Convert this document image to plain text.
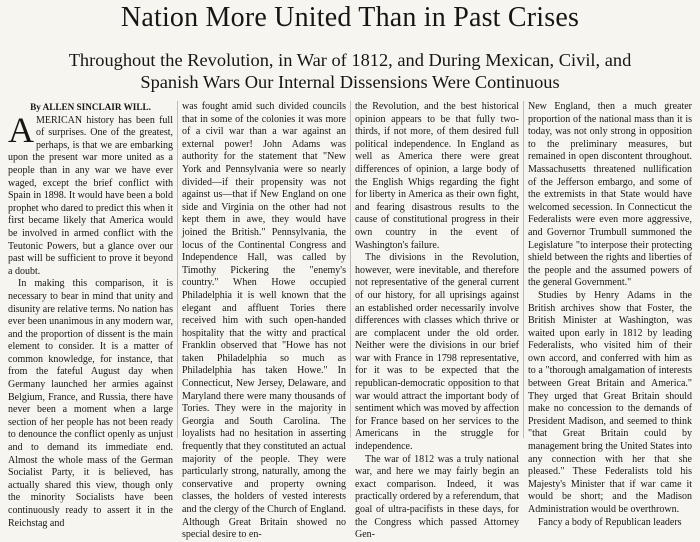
Nation More United Than in Past Crises
Throughout the Revolution, in War of 1812, and During Mexican, Civil, and
Spanish Wars Our Internal Dissensions Were Continuous
By ALLEN SINCLAIR WILL.

AMERICAN history has been full of surprises. One of the greatest, perhaps, is that we are embarking upon the present war more united as a people than in any war we have ever waged, except the brief conflict with Spain in 1898. It would have been a bold prophet who dared to predict this when it first became likely that America would be involved in armed conflict with the Teutonic Powers, but a glance over our past will be sufficient to prove it beyond a doubt.

In making this comparison, it is necessary to bear in mind that unity and disunity are relative terms. No nation has ever been unanimous in any modern war, and the proportion of dissent is the main element to consider. It is a matter of common knowledge, for instance, that from the fateful August day when Germany launched her armies against Belgium, France, and Russia, there have never been a moment when a large section of her people has not been ready to denounce the conflict openly as unjust and to demand its immediate end. Almost the whole mass of the German Socialist Party, it is believed, has actually shared this view, though only the minority Socialists have been continuously ready to assert it in the Reichstag and

was fought amid such divided councils that in some of the colonies it was more of a civil war than a war against an external power! John Adams was authority for the statement that "New York and Pennsylvania were so nearly divided—if their propensity was not against us—that if New England on one side and Virginia on the other had not kept them in awe, they would have joined the British." Pennsylvania, the locus of the Continental Congress and Independence Hall, was called by Timothy Pickering the "enemy's country." When Howe occupied Philadelphia it is well known that the elegant and affluent Tories there received him with such open-handed hospitality that the witty and practical Franklin observed that "Howe has not taken Philadelphia so much as Philadelphia has taken Howe." In Connecticut, New Jersey, Delaware, and Maryland there were many thousands of Tories. They were in the majority in Georgia and South Carolina. The loyalists had no hesitation in asserting frequently that they constituted an actual majority of the people. They were particularly strong, naturally, among the conservative and property owning classes, the holders of vested interests and the clergy of the Church of England. Although Great Britain showed no special desire to en-

the Revolution, and the best historical opinion appears to be that fully two-thirds, if not more, of them desired full political independence. In England as well as America there were great differences of opinion, a large body of the English Whigs regarding the fight for liberty in America as their own fight, and fearing disastrous results to the cause of constitutional progress in their own country in the event of Washington's failure.

The divisions in the Revolution, however, were inevitable, and therefore not representative of the general current of our history, for all uprisings against an established order necessarily involve differences with classes which thrive or are complacent under the old order. Neither were the divisions in our brief war with France in 1798 representative, for it was to be expected that the republican-democratic opposition to that war would attract the important body of sentiment which was moved by affection for France based on her services to the Americans in the struggle for independence.

The war of 1812 was a truly national war, and here we may fairly begin an exact comparison. Indeed, it was practically ordered by a referendum, that goal of ultra-pacifists in these days, for the Congress which passed Attorney Gen-

New England, then a much greater proportion of the national mass than it is today, was not only strong in opposition to the preliminary measures, but remained in open discontent throughout. Massachusetts threatened nullification of the Jefferson embargo, and some of the extremists in that State would have welcomed secession. In Connecticut the Federalists were even more aggressive, and Governor Trumbull summoned the Legislature "to interpose their protecting shield between the rights and liberties of the people and the assumed powers of the general Government."

Studies by Henry Adams in the British archives show that Foster, the British Minister at Washington, was waited upon early in 1812 by leading Federalists, who visited him of their own accord, and conferred with him as to a "thorough amalgamation of interests between Great Britain and America." They urged that Great Britain should make no concession to the demands of President Madison, and seemed to think "that Great Britain could by management bring the United States into any connection with her that she pleased." These Federalists told his Majesty's Minister that if war came it would be short; and the Madison Administration would be overthrown.

Fancy a body of Republican leaders
